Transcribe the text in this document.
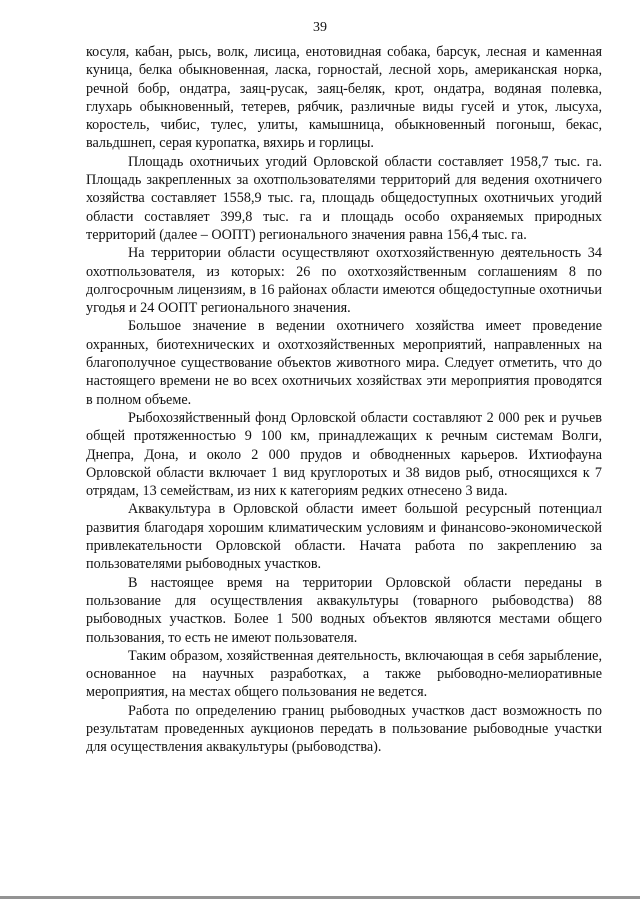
39

косуля, кабан, рысь, волк, лисица, енотовидная собака, барсук, лесная и каменная куница, белка обыкновенная, ласка, горностай, лесной хорь, американская норка, речной бобр, ондатра, заяц-русак, заяц-беляк, крот, ондатра, водяная полевка, глухарь обыкновенный, тетерев, рябчик, различные виды гусей и уток, лысуха, коростель, чибис, тулес, улиты, камышница, обыкновенный погоныш, бекас, вальдшнеп, серая куропатка, вяхирь и горлицы.

Площадь охотничьих угодий Орловской области составляет 1958,7 тыс. га. Площадь закрепленных за охотпользователями территорий для ведения охотничего хозяйства составляет 1558,9 тыс. га, площадь общедоступных охотничьих угодий области составляет 399,8 тыс. га и площадь особо охраняемых природных территорий (далее – ООПТ) регионального значения равна 156,4 тыс. га.

На территории области осуществляют охотхозяйственную деятельность 34 охотпользователя, из которых: 26 по охотхозяйственным соглашениям 8 по долгосрочным лицензиям, в 16 районах области имеются общедоступные охотничьи угодья и 24 ООПТ регионального значения.

Большое значение в ведении охотничего хозяйства имеет проведение охранных, биотехнических и охотхозяйственных мероприятий, направленных на благополучное существование объектов животного мира. Следует отметить, что до настоящего времени не во всех охотничьих хозяйствах эти мероприятия проводятся в полном объеме.

Рыбохозяйственный фонд Орловской области составляют 2 000 рек и ручьев общей протяженностью 9 100 км, принадлежащих к речным системам Волги, Днепра, Дона, и около 2 000 прудов и обводненных карьеров. Ихтиофауна Орловской области включает 1 вид круглоротых и 38 видов рыб, относящихся к 7 отрядам, 13 семействам, из них к категориям редких отнесено 3 вида.

Аквакультура в Орловской области имеет большой ресурсный потенциал развития благодаря хорошим климатическим условиям и финансово-экономической привлекательности Орловской области. Начата работа по закреплению за пользователями рыбоводных участков.

В настоящее время на территории Орловской области переданы в пользование для осуществления аквакультуры (товарного рыбоводства) 88 рыбоводных участков. Более 1 500 водных объектов являются местами общего пользования, то есть не имеют пользователя.

Таким образом, хозяйственная деятельность, включающая в себя зарыбление, основанное на научных разработках, а также рыбоводно-мелиоративные мероприятия, на местах общего пользования не ведется.

Работа по определению границ рыбоводных участков даст возможность по результатам проведенных аукционов передать в пользование рыбоводные участки для осуществления аквакультуры (рыбоводства).
